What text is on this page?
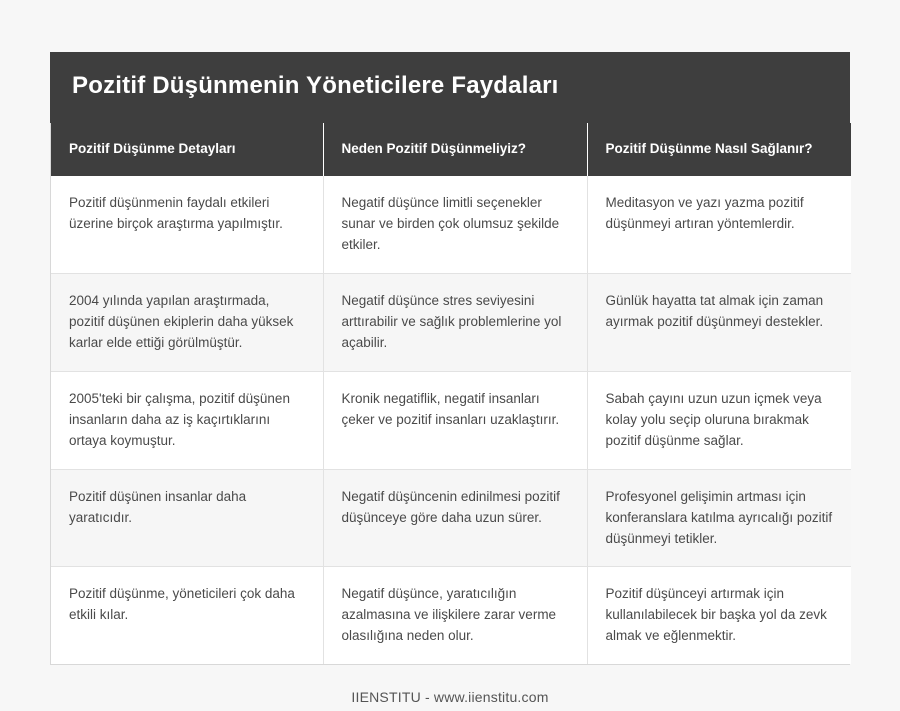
Pozitif Düşünmenin Yöneticilere Faydaları
Pozitif Düşünme Detayları	Neden Pozitif Düşünmeliyiz?	Pozitif Düşünme Nasıl Sağlanır?
Pozitif düşünmenin faydalı etkileri üzerine birçok araştırma yapılmıştır.	Negatif düşünce limitli seçenekler sunar ve birden çok olumsuz şekilde etkiler.	Meditasyon ve yazı yazma pozitif düşünmeyi artıran yöntemlerdir.
2004 yılında yapılan araştırmada, pozitif düşünen ekiplerin daha yüksek karlar elde ettiği görülmüştür.	Negatif düşünce stres seviyesini arttırabilir ve sağlık problemlerine yol açabilir.	Günlük hayatta tat almak için zaman ayırmak pozitif düşünmeyi destekler.
2005'teki bir çalışma, pozitif düşünen insanların daha az iş kaçırtıklarını ortaya koymuştur.	Kronik negatiflik, negatif insanları çeker ve pozitif insanları uzaklaştırır.	Sabah çayını uzun uzun içmek veya kolay yolu seçip oluruna bırakmak pozitif düşünme sağlar.
Pozitif düşünen insanlar daha yaratıcıdır.	Negatif düşüncenin edinilmesi pozitif düşünceye göre daha uzun sürer.	Profesyonel gelişimin artması için konferanslara katılma ayrıcalığı pozitif düşünmeyi tetikler.
Pozitif düşünme, yöneticileri çok daha etkili kılar.	Negatif düşünce, yaratıcılığın azalmasına ve ilişkilere zarar verme olasılığına neden olur.	Pozitif düşünceyi artırmak için kullanılabilecek bir başka yol da zevk almak ve eğlenmektir.
IIENSTITU - www.iienstitu.com
